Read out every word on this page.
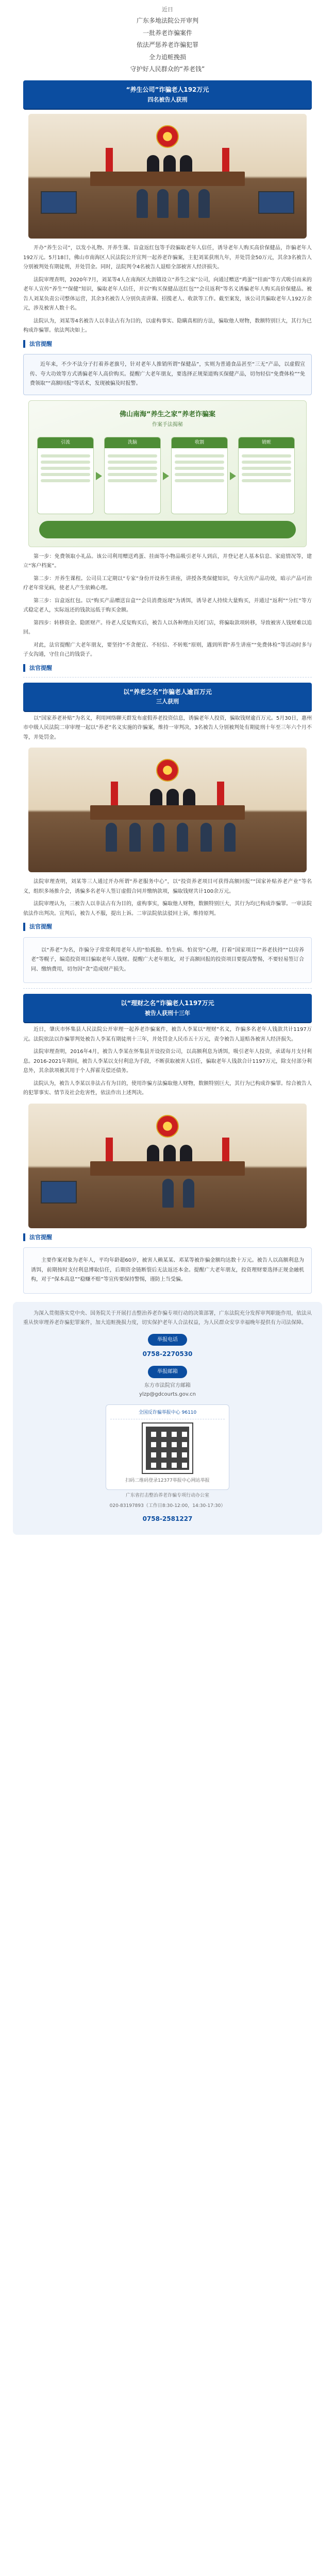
近日
广东多地法院公开审判
一批养老诈骗案件
依法严惩养老诈骗犯罪
全力追赃挽损
守护好人民群众的“养老钱”
“养生公司”诈骗老人192万元
四名被告人获刑

开办“养生公司”，以发小礼物、开养生课、盲盒返红包等手段骗取老年人信任，诱导老年人购买高价保健品，诈骗老年人192万元。5月18日，佛山市南海区人民法院公开宣判一起养老诈骗案，主犯刘某获刑九年，并处罚金50万元，其余3名被告人分别被判处有期徒刑，并处罚金。同时，法院判令4名被告人退赔全部被害人经济损失。

法院审理查明，2020年7月，刘某等4人在南海区大沥镇设立“养生之家”公司，向通过赠送“鸡蛋”“挂面”等方式吸引而来的老年人宣传“养生”“保健”知识，骗取老年人信任，并以“购买保健品送红包”“会员返利”等名义诱骗老年人购买高价保健品。被告人刘某负责公司整体运营，其余3名被告人分别负责讲课、招揽老人、收款等工作。截至案发，该公司共骗取老年人192万余元，涉及被害人数十名。

法院认为，刘某等4名被告人以非法占有为目的，以虚构事实、隐瞒真相的方法，骗取他人财物，数额特别巨大，其行为已构成诈骗罪。依法判决如上。

法官提醒

近年来，不少不法分子打着养老旗号，针对老年人推销所谓“保健品”，实则为普通食品甚至“三无”产品，以虚假宣传、夸大功效等方式诱骗老年人高价购买。提醒广大老年朋友，要选择正规渠道购买保健产品，切勿轻信“免费体检”“免费领取”“高额回报”等话术，发现被骗及时报警。

佛山南海“养生之家”养老诈骗案
作案手法揭秘
引流	洗脑	收割	销赃

第一步：免费领取小礼品。该公司利用赠送鸡蛋、挂面等小物品吸引老年人到店，并登记老人基本信息、家庭情况等，建立“客户档案”。

第二步：开养生课程。公司员工定期以“专家”身份开设养生讲座，讲授各类保健知识，夸大宣传产品功效，暗示产品可治疗老年常见病，使老人产生依赖心理。

第三步：盲盒返红包。以“购买产品赠送盲盒”“会员消费返现”为诱饵，诱导老人持续大量购买，并通过“返利”“分红”等方式稳定老人，实际返还的钱款远低于购买金额。

第四步：转移资金、隐匿财产。待老人反复购买后，被告人以各种理由关闭门店，将骗取款项转移，导致被害人钱财难以追回。

对此，法官提醒广大老年朋友，要坚持“不贪便宜、不轻信、不转账”原则，遇到所谓“养生讲座”“免费体检”等活动时多与子女沟通，守住自己的钱袋子。

法官提醒
以“养老之名”诈骗老人逾百万元
三人获刑

以“国家养老补贴”为名义，利用网络聊天群发布虚假养老投资信息，诱骗老年人投资，骗取钱财逾百万元。5月30日，惠州市中级人民法院二审审理一起以“养老”名义实施的诈骗案，维持一审判决，3名被告人分别被判处有期徒刑十年至三年六个月不等，并处罚金。

法院审理查明，刘某等三人通过开办所谓“养老服务中心”，以“投资养老项目可获得高额回报”“国家补贴养老产业”等名义，组织多场推介会，诱骗多名老年人签订虚假合同并缴纳款项，骗取钱财共计100余万元。

法院审理认为，三被告人以非法占有为目的，虚构事实，骗取他人财物，数额特别巨大，其行为均已构成诈骗罪。一审法院依法作出判决。宣判后，被告人不服，提出上诉。二审法院依法驳回上诉，维持原判。

法官提醒

以“养老”为名，诈骗分子常常利用老年人的“怕孤独、怕生病、怕贫穷”心理，打着“国家项目”“养老扶持”“以房养老”等幌子，编造投资项目骗取老年人钱财。提醒广大老年朋友，对于高额回报的投资项目要提高警惕，不要轻易签订合同、缴纳费用，切勿因“贪”造成财产损失。

以“理财之名”诈骗老人1197万元
被告人获刑十三年

近日，肇庆市怀集县人民法院公开审理一起养老诈骗案件，被告人李某以“理财”名义，诈骗多名老年人钱款共计1197万元。法院依法以诈骗罪判处被告人李某有期徒刑十三年，并处罚金人民币五十万元，责令被告人退赔各被害人经济损失。

法院审理查明，2016年4月，被告人李某在怀集县开设投资公司，以高额利息为诱饵，吸引老年人投资，承诺每月支付利息。2016-2021年期间，被告人李某以支付利息为手段，不断获取被害人信任，骗取老年人钱款合计1197万元，除支付部分利息外，其余款项被其用于个人挥霍及偿还债务。

法院认为，被告人李某以非法占有为目的，使用诈骗方法骗取他人财物，数额特别巨大，其行为已构成诈骗罪。综合被告人的犯罪事实、情节及社会危害性，依法作出上述判决。

法官提醒

主要作案对象为老年人，平均年龄超60岁，被害人赖某某、邓某等被诈骗金额均达数十万元。被告人以高额利息为诱饵，前期按时支付利息博取信任，后期资金链断裂后无法返还本金。提醒广大老年朋友，投资理财要选择正规金融机构，对于“保本高息”“稳赚不赔”等宣传要保持警惕，谨防上当受骗。

为深入贯彻落实党中央、国务院关于开展打击整治养老诈骗专项行动的决策部署，广东法院充分发挥审判职能作用，依法从重从快审理养老诈骗犯罪案件，加大追赃挽损力度，切实保护老年人合法权益，为人民群众安享幸福晚年提供有力司法保障。

举报电话
0758-2270530
举报邮箱
东方市法院官方邮箱
ylzp@gdcourts.gov.cn
全国反诈骗举报中心 96110
扫码二维码登录12377举报中心网站举报
广东省打击整治养老诈骗专项行动办公室
020-83197893（工作日8:30-12:00，14:30-17:30）
0758-2581227
